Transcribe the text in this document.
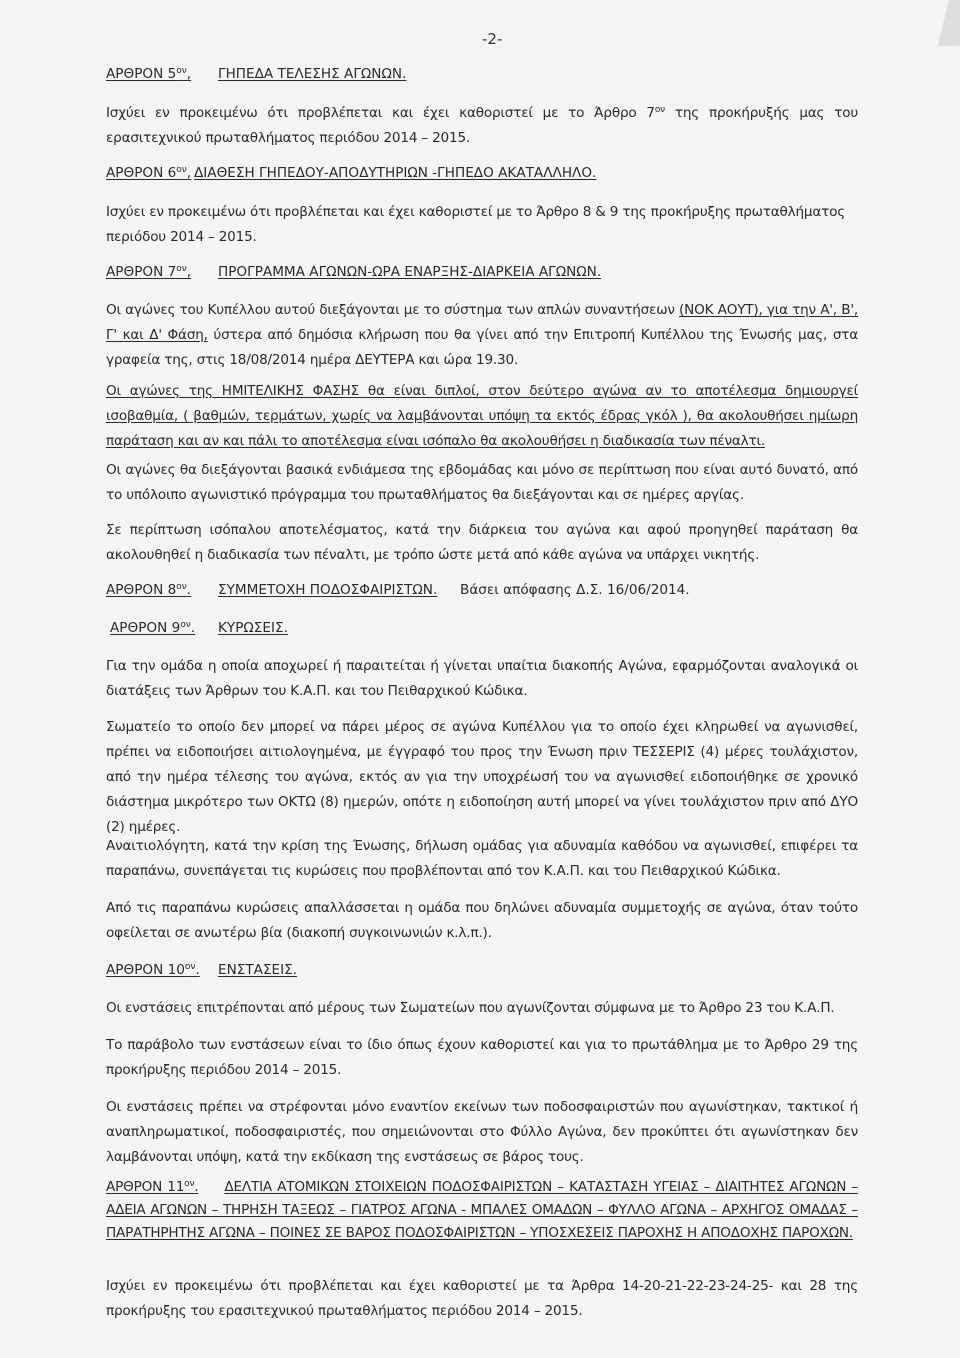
-2-
ΑΡΘΡΟΝ $5^{o\nu}$, ΓΗΠΕΔΑ ΤΕΛΕΣΗΣ ΑΓΩΝΩΝ.
Ισχύει εν προκειμένω ότι προβλέπεται και έχει καθοριστεί με το Άρθρο $7^{o\nu}$ της προκήρυξής μας του ερασιτεχνικού πρωταθλήματος περιόδου 2014 – 2015.
ΑΡΘΡΟΝ $6^{o\nu}$, ΔΙΑΘΕΣΗ ΓΗΠΕΔΟΥ-ΑΠΟΔΥΤΗΡΙΩΝ -ΓΗΠΕΔΟ ΑΚΑΤΑΛΛΗΛΟ.
Ισχύει εν προκειμένω ότι προβλέπεται και έχει καθοριστεί με το Άρθρο 8 & 9 της προκήρυξης πρωταθλήματος περιόδου 2014 – 2015.
ΑΡΘΡΟΝ $7^{o\nu}$, ΠΡΟΓΡΑΜΜΑ ΑΓΩΝΩΝ-ΩΡΑ ΕΝΑΡΞΗΣ-ΔΙΑΡΚΕΙΑ ΑΓΩΝΩΝ.
Οι αγώνες του Κυπέλλου αυτού διεξάγονται με το σύστημα των απλών συναντήσεων (ΝΟΚ ΑΟΥΤ), για την Α', Β', Γ' και Δ' Φάση, ύστερα από δημόσια κλήρωση που θα γίνει από την Επιτροπή Κυπέλλου της Ένωσής μας, στα γραφεία της, στις 18/08/2014 ημέρα ΔΕΥΤΕΡΑ και ώρα 19.30.
Οι αγώνες της ΗΜΙΤΕΛΙΚΗΣ ΦΑΣΗΣ θα είναι διπλοί, στον δεύτερο αγώνα αν το αποτέλεσμα δημιουργεί ισοβαθμία, ( βαθμών, τερμάτων, χωρίς να λαμβάνονται υπόψη τα εκτός έδρας γκόλ ), θα ακολουθήσει ημίωρη παράταση και αν και πάλι το αποτέλεσμα είναι ισόπαλο θα ακολουθήσει η διαδικασία των πέναλτι.
Οι αγώνες θα διεξάγονται βασικά ενδιάμεσα της εβδομάδας και μόνο σε περίπτωση που είναι αυτό δυνατό, από το υπόλοιπο αγωνιστικό πρόγραμμα του πρωταθλήματος θα διεξάγονται και σε ημέρες αργίας.
Σε περίπτωση ισόπαλου αποτελέσματος, κατά την διάρκεια του αγώνα και αφού προηγηθεί παράταση θα ακολουθηθεί η διαδικασία των πέναλτι, με τρόπο ώστε μετά από κάθε αγώνα να υπάρχει νικητής.
ΑΡΘΡΟΝ $8^{o\nu}$. ΣΥΜΜΕΤΟΧΗ ΠΟΔΟΣΦΑΙΡΙΣΤΩΝ. Βάσει απόφασης Δ.Σ. 16/06/2014.
ΑΡΘΡΟΝ $9^{o\nu}$. ΚΥΡΩΣΕΙΣ.
Για την ομάδα η οποία αποχωρεί ή παραιτείται ή γίνεται υπαίτια διακοπής Αγώνα, εφαρμόζονται αναλογικά οι διατάξεις των Άρθρων του Κ.Α.Π. και του Πειθαρχικού Κώδικα.
Σωματείο το οποίο δεν μπορεί να πάρει μέρος σε αγώνα Κυπέλλου για το οποίο έχει κληρωθεί να αγωνισθεί, πρέπει να ειδοποιήσει αιτιολογημένα, με έγγραφό του προς την Ένωση πριν ΤΕΣΣΕΡΙΣ (4) μέρες τουλάχιστον, από την ημέρα τέλεσης του αγώνα, εκτός αν για την υποχρέωσή του να αγωνισθεί ειδοποιήθηκε σε χρονικό διάστημα μικρότερο των ΟΚΤΩ (8) ημερών, οπότε η ειδοποίηση αυτή μπορεί να γίνει τουλάχιστον πριν από ΔΥΟ (2) ημέρες.
Αναιτιολόγητη, κατά την κρίση της Ένωσης, δήλωση ομάδας για αδυναμία καθόδου να αγωνισθεί, επιφέρει τα παραπάνω, συνεπάγεται τις κυρώσεις που προβλέπονται από τον Κ.Α.Π. και του Πειθαρχικού Κώδικα.
Από τις παραπάνω κυρώσεις απαλλάσσεται η ομάδα που δηλώνει αδυναμία συμμετοχής σε αγώνα, όταν τούτο οφείλεται σε ανωτέρω βία (διακοπή συγκοινωνιών κ.λ.π.).
ΑΡΘΡΟΝ $10^{o\nu}$. ΕΝΣΤΑΣΕΙΣ.
Οι ενστάσεις επιτρέπονται από μέρους των Σωματείων που αγωνίζονται σύμφωνα με το Άρθρο 23 του Κ.Α.Π.
Το παράβολο των ενστάσεων είναι το ίδιο όπως έχουν καθοριστεί και για το πρωτάθλημα με το Άρθρο 29 της προκήρυξης περιόδου 2014 – 2015.
Οι ενστάσεις πρέπει να στρέφονται μόνο εναντίον εκείνων των ποδοσφαιριστών που αγωνίστηκαν, τακτικοί ή αναπληρωματικοί, ποδοσφαιριστές, που σημειώνονται στο Φύλλο Αγώνα, δεν προκύπτει ότι αγωνίστηκαν δεν λαμβάνονται υπόψη, κατά την εκδίκαση της ενστάσεως σε βάρος τους.
ΑΡΘΡΟΝ $11^{o\nu}$. ΔΕΛΤΙΑ ΑΤΟΜΙΚΩΝ ΣΤΟΙΧΕΙΩΝ ΠΟΔΟΣΦΑΙΡΙΣΤΩΝ – ΚΑΤΑΣΤΑΣΗ ΥΓΕΙΑΣ – ΔΙΑΙΤΗΤΕΣ ΑΓΩΝΩΝ – ΑΔΕΙΑ ΑΓΩΝΩΝ – ΤΗΡΗΣΗ ΤΑΞΕΩΣ – ΓΙΑΤΡΟΣ ΑΓΩΝΑ - ΜΠΑΛΕΣ ΟΜΑΔΩΝ – ΦΥΛΛΟ ΑΓΩΝΑ – ΑΡΧΗΓΟΣ ΟΜΑΔΑΣ – ΠΑΡΑΤΗΡΗΤΗΣ ΑΓΩΝΑ – ΠΟΙΝΕΣ ΣΕ ΒΑΡΟΣ ΠΟΔΟΣΦΑΙΡΙΣΤΩΝ – ΥΠΟΣΧΕΣΕΙΣ ΠΑΡΟΧΗΣ Η ΑΠΟΔΟΧΗΣ ΠΑΡΟΧΩΝ.
Ισχύει εν προκειμένω ότι προβλέπεται και έχει καθοριστεί με τα Άρθρα 14-20-21-22-23-24-25- και 28 της προκήρυξης του ερασιτεχνικού πρωταθλήματος περιόδου 2014 – 2015.
